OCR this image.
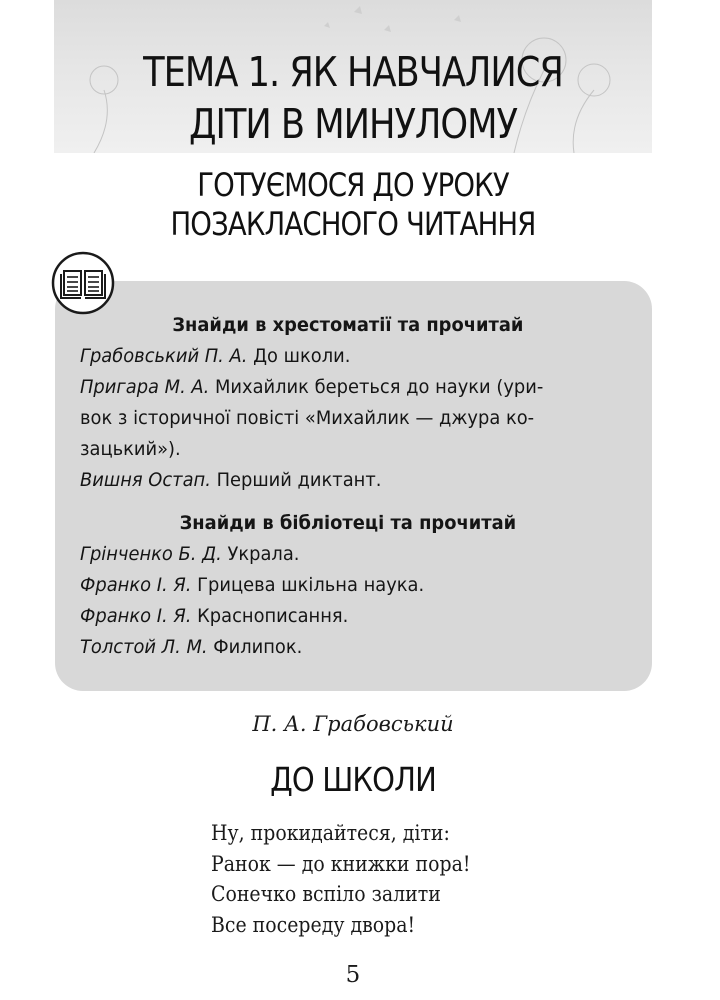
ТЕМА 1. ЯК НАВЧАЛИСЯ
ДІТИ В МИНУЛОМУ
ГОТУЄМОСЯ ДО УРОКУ
ПОЗАКЛАСНОГО ЧИТАННЯ
Знайди в хрестоматії та прочитай
Грабовський П. А. До школи.
Пригара М. А. Михайлик береться до науки (ури-
вок з історичної повісті «Михайлик — джура ко-
зацький»).
Вишня Остап. Перший диктант.
Знайди в бібліотеці та прочитай
Грінченко Б. Д. Украла.
Франко І. Я. Грицева шкільна наука.
Франко І. Я. Краснописання.
Толстой Л. М. Филипок.
П. А. Грабовський
ДО ШКОЛИ
Ну, прокидайтеся, діти:
Ранок — до книжки пора!
Сонечко вспіло залити
Все посереду двора!
5
